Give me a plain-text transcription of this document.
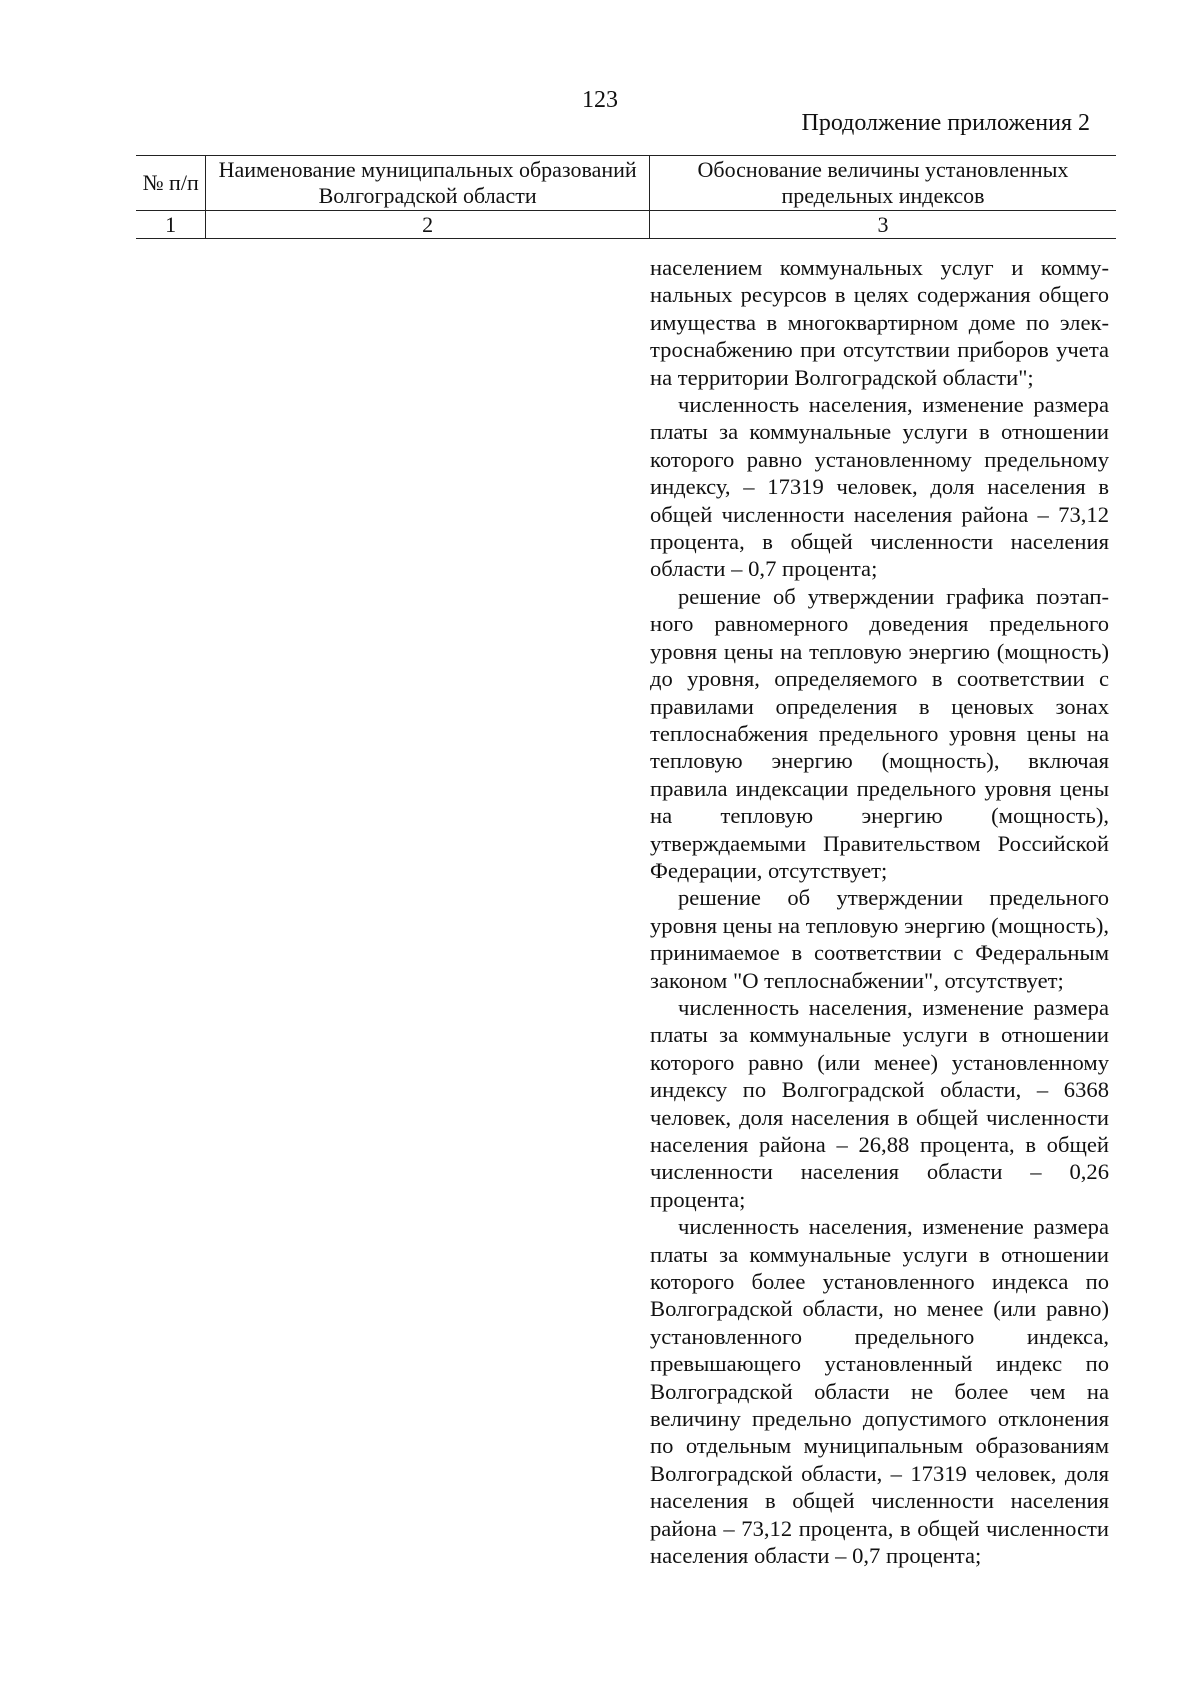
123
Продолжение приложения 2
№ п/п	Наименование муниципальных образований Волгоградской области	Обоснование величины установленных предельных индексов
1	2	3

населением коммунальных услуг и коммунальных ресурсов в целях содержания общего имущества в многоквартирном доме по электроснабжению при отсутствии приборов учета на территории Волгоградской области";

численность населения, изменение размера платы за коммунальные услуги в отношении которого равно установленному предельному индексу, – 17319 человек, доля населения в общей численности населения района – 73,12 процента, в общей численности населения области – 0,7 процента;

решение об утверждении графика поэтапного равномерного доведения предельного уровня цены на тепловую энергию (мощность) до уровня, определяемого в соответствии с правилами определения в ценовых зонах теплоснабжения предельного уровня цены на тепловую энергию (мощность), включая правила индексации предельного уровня цены на тепловую энергию (мощность), утверждаемыми Правительством Российской Федерации, отсутствует;

решение об утверждении предельного уровня цены на тепловую энергию (мощность), принимаемое в соответствии с Федеральным законом "О теплоснабжении", отсутствует;

численность населения, изменение размера платы за коммунальные услуги в отношении которого равно (или менее) установленному индексу по Волгоградской области, – 6368 человек, доля населения в общей численности населения района – 26,88 процента, в общей численности населения области – 0,26 процента;

численность населения, изменение размера платы за коммунальные услуги в отношении которого более установленного индекса по Волгоградской области, но менее (или равно) установленного предельного индекса, превышающего установленный индекс по Волгоградской области не более чем на величину предельно допустимого отклонения по отдельным муниципальным образованиям Волгоградской области, – 17319 человек, доля населения в общей численности населения района – 73,12 процента, в общей численности населения области – 0,7 процента;
